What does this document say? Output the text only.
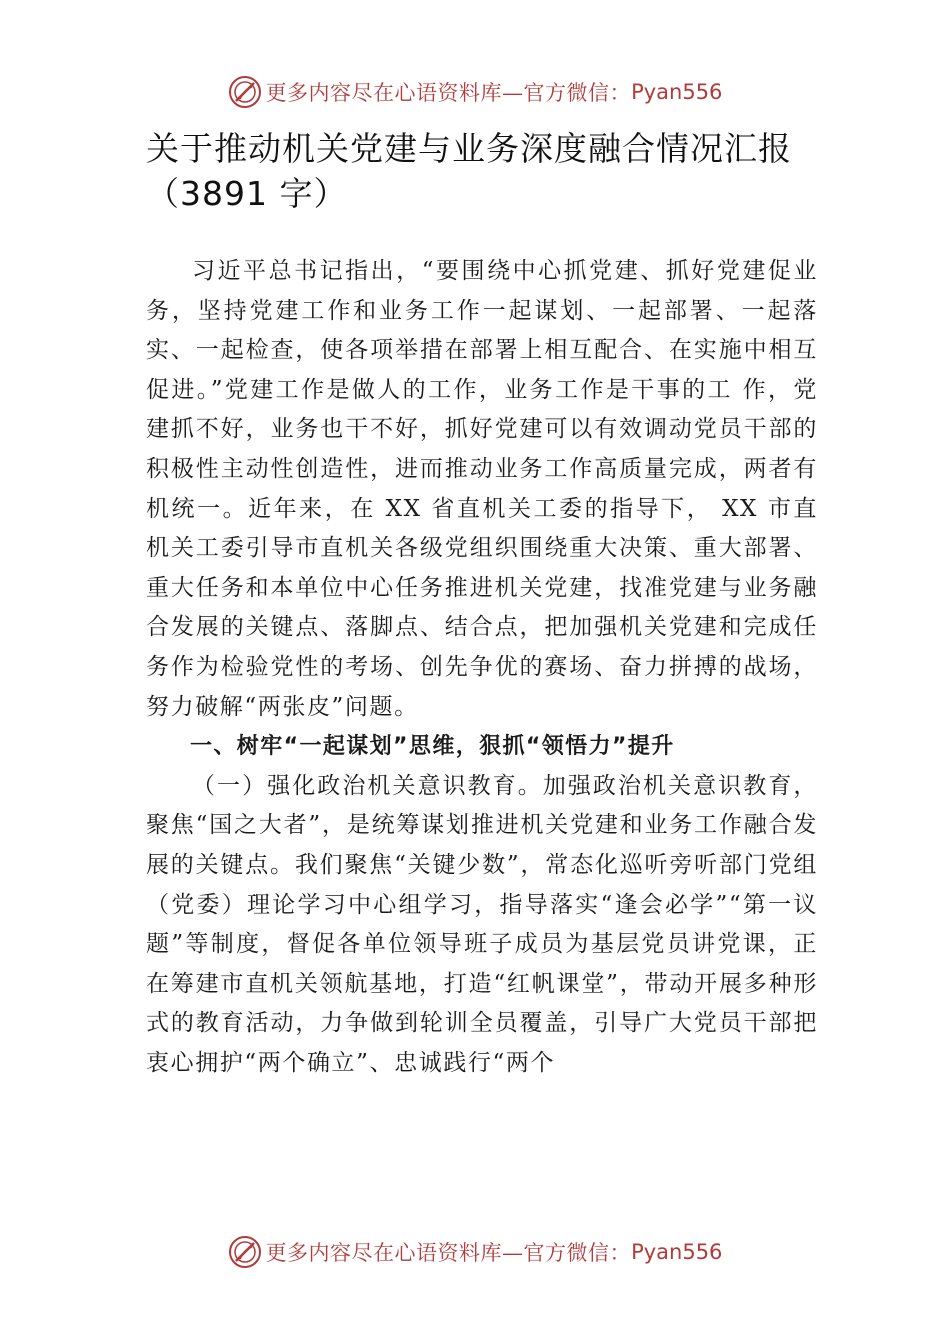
更多内容尽在心语资料库—官方微信： Pyan556
关于推动机关党建与业务深度融合情况汇报（3891 字）

习近平总书记指出，“要围绕中心抓党建、抓好党建促业务，坚持党建工作和业务工作一起谋划、一起部署、一起落实、一起检查，使各项举措在部署上相互配合、在实施中相互促进。”党建工作是做人的工作，业务工作是干事的工 作，党建抓不好，业务也干不好，抓好党建可以有效调动党员干部的积极性主动性创造性，进而推动业务工作高质量完成，两者有机统一。近年来，在 XX 省直机关工委的指导下， XX 市直机关工委引导市直机关各级党组织围绕重大决策、重大部署、重大任务和本单位中心任务推进机关党建，找准党建与业务融合发展的关键点、落脚点、结合点，把加强机关党建和完成任务作为检验党性的考场、创先争优的赛场、奋力拼搏的战场，努力破解“两张皮”问题。

一、树牢“一起谋划”思维，狠抓“领悟力”提升

（一）强化政治机关意识教育。加强政治机关意识教育，聚焦“国之大者”，是统筹谋划推进机关党建和业务工作融合发展的关键点。我们聚焦“关键少数”，常态化巡听旁听部门党组（党委）理论学习中心组学习，指导落实“逢会必学”“第一议题”等制度，督促各单位领导班子成员为基层党员讲党课，正在筹建市直机关领航基地，打造“红帆课堂”，带动开展多种形式的教育活动，力争做到轮训全员覆盖，引导广大党员干部把衷心拥护“两个确立”、忠诚践行“两个

更多内容尽在心语资料库—官方微信： Pyan556
